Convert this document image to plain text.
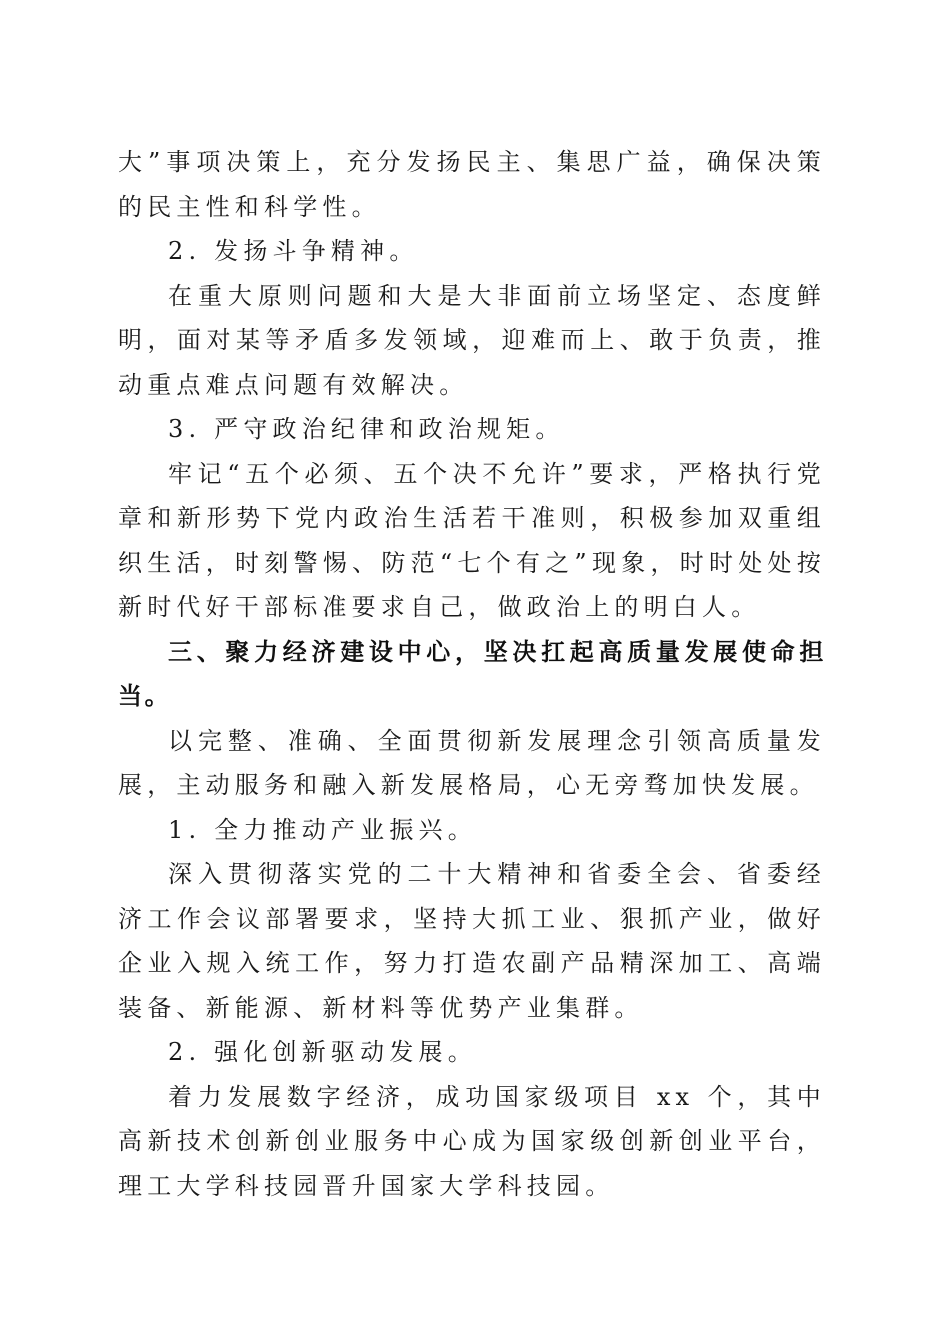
大”事项决策上，充分发扬民主、集思广益，确保决策的民主性和科学性。

2. 发扬斗争精神。

在重大原则问题和大是大非面前立场坚定、态度鲜明，面对某等矛盾多发领域，迎难而上、敢于负责，推动重点难点问题有效解决。

3. 严守政治纪律和政治规矩。

牢记“五个必须、五个决不允许”要求，严格执行党章和新形势下党内政治生活若干准则，积极参加双重组织生活，时刻警惕、防范“七个有之”现象，时时处处按新时代好干部标准要求自己，做政治上的明白人。

三、聚力经济建设中心，坚决扛起高质量发展使命担当。

以完整、准确、全面贯彻新发展理念引领高质量发展，主动服务和融入新发展格局，心无旁骛加快发展。

1. 全力推动产业振兴。

深入贯彻落实党的二十大精神和省委全会、省委经济工作会议部署要求，坚持大抓工业、狠抓产业，做好企业入规入统工作，努力打造农副产品精深加工、高端装备、新能源、新材料等优势产业集群。

2. 强化创新驱动发展。

着力发展数字经济，成功国家级项目 xx 个，其中高新技术创新创业服务中心成为国家级创新创业平台，理工大学科技园晋升国家大学科技园。
